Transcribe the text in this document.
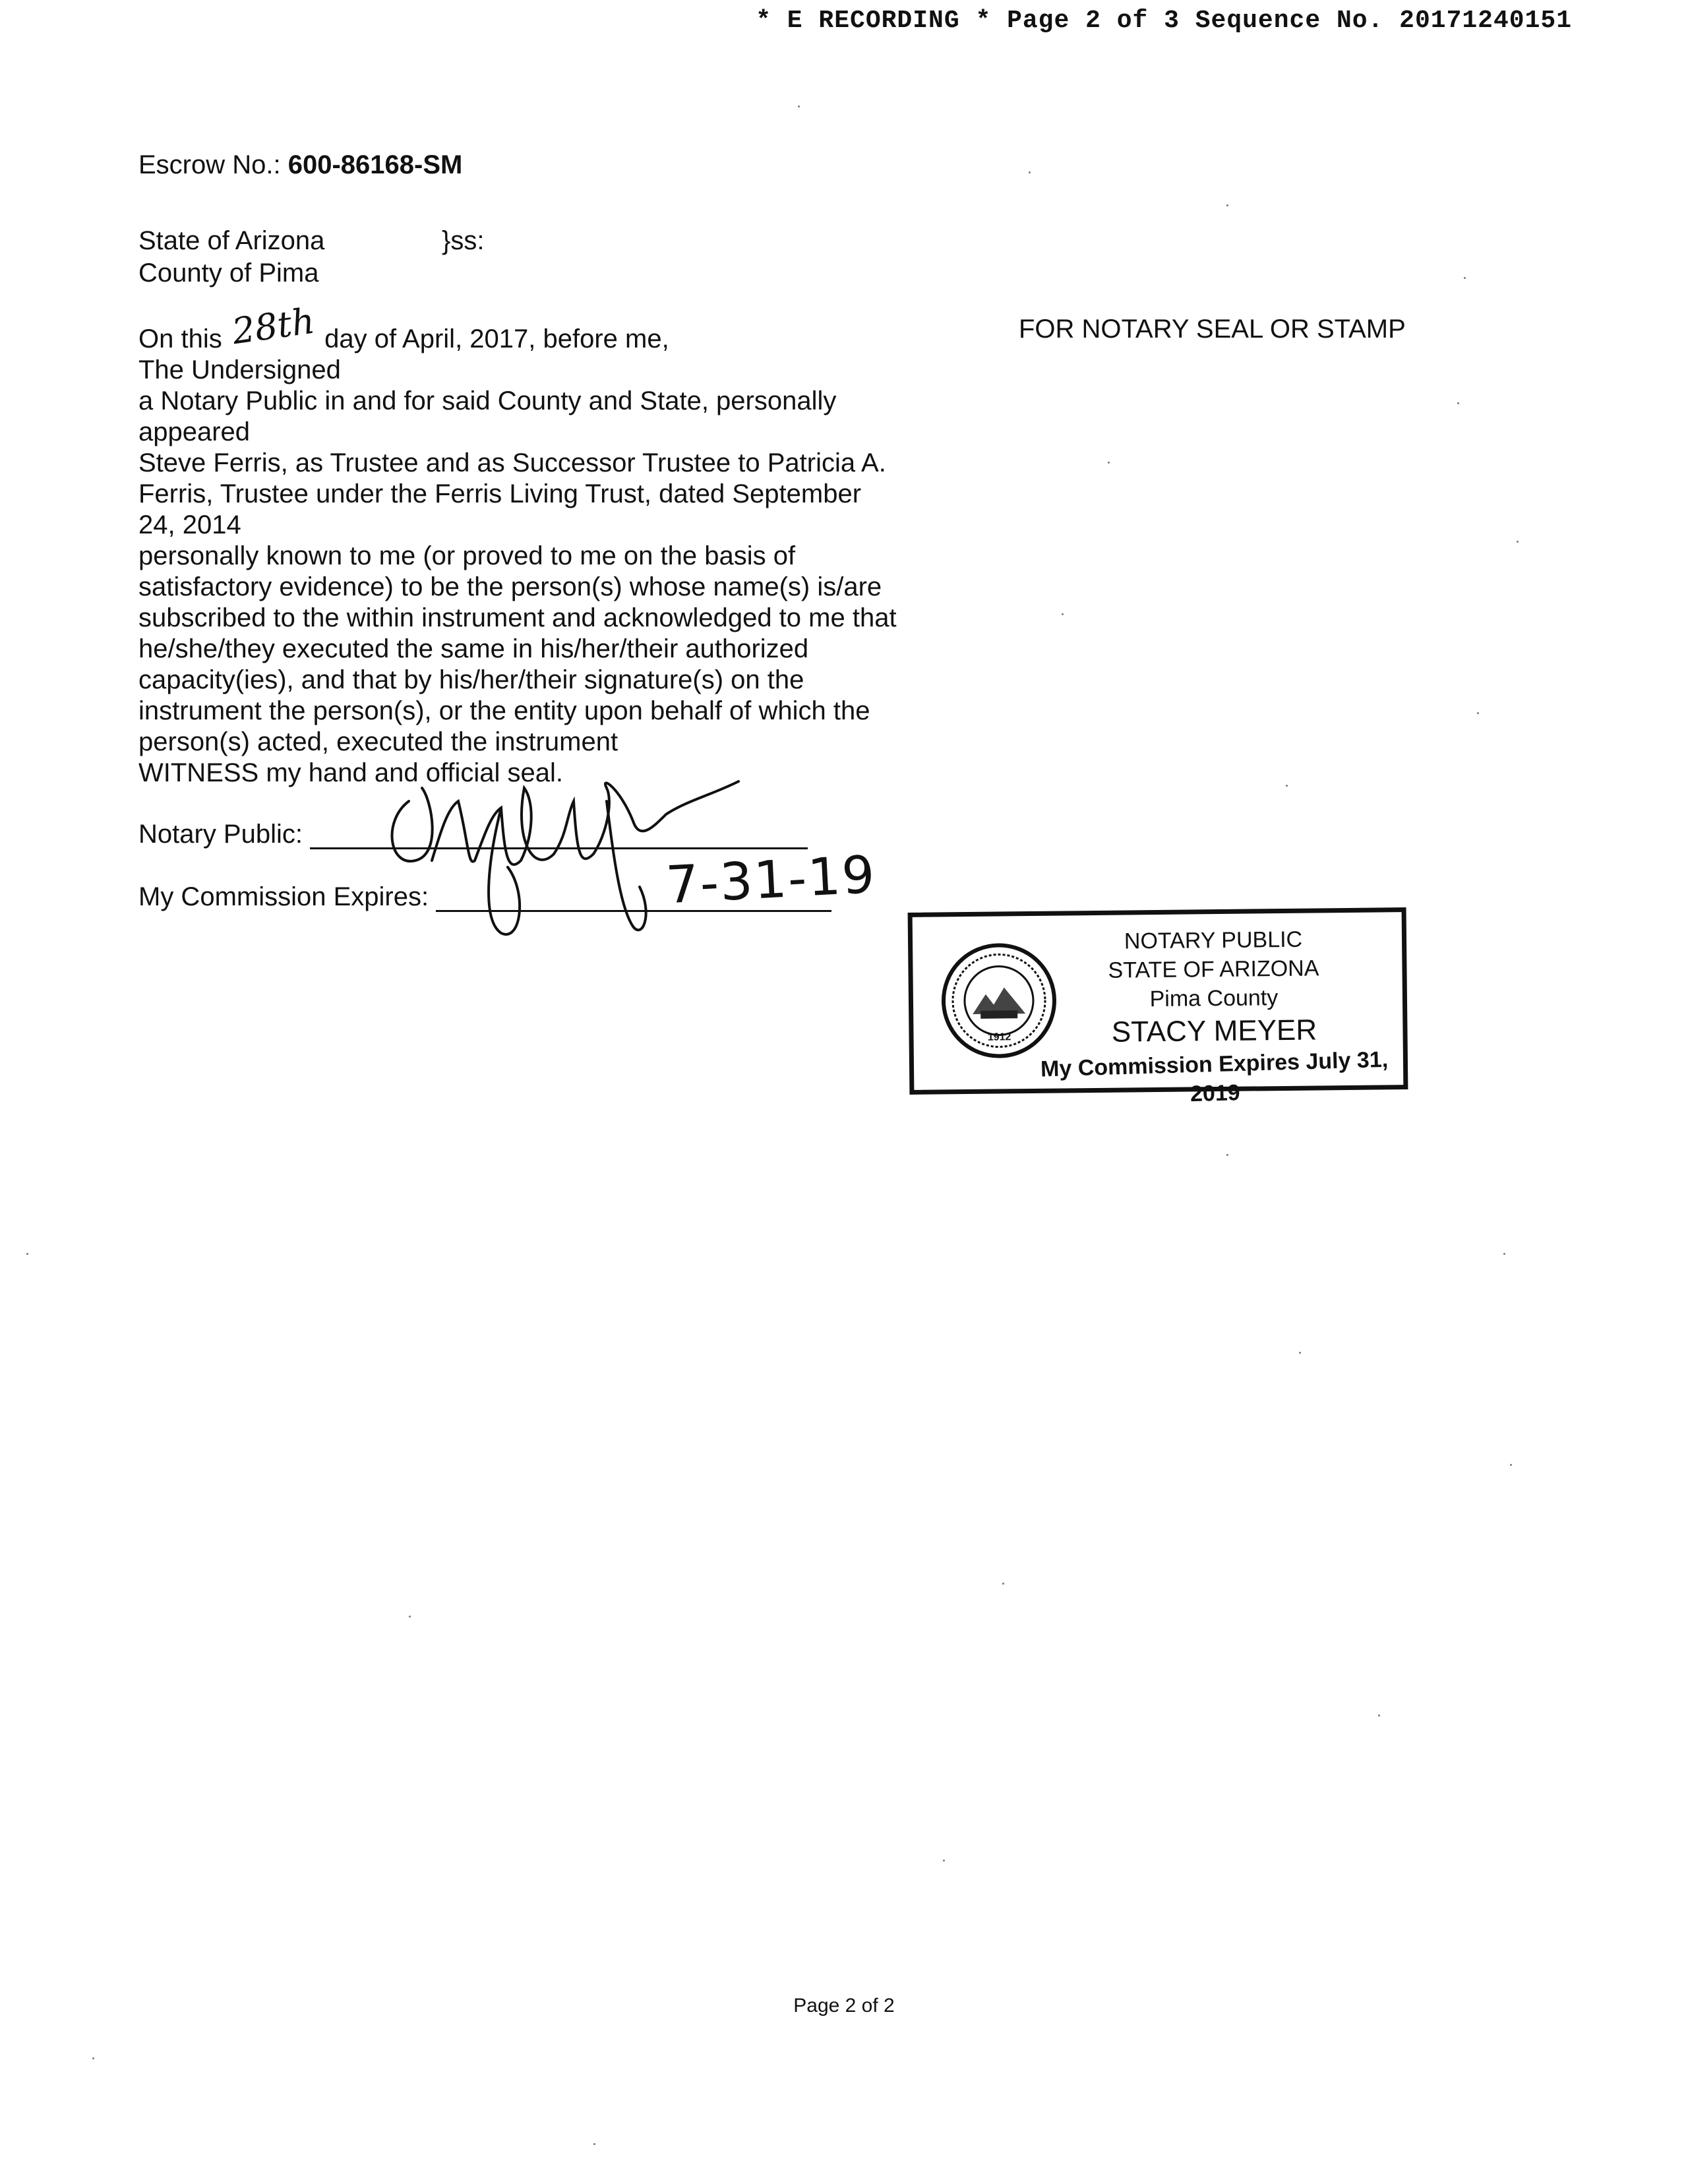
* E RECORDING * Page 2 of 3 Sequence No. 20171240151
Escrow No.: 600-86168-SM
State of Arizona	}ss:
County of Pima

On this 28th day of April, 2017, before me,

The Undersigned

a Notary Public in and for said County and State, personally

appeared

Steve Ferris, as Trustee and as Successor Trustee to Patricia A.

Ferris, Trustee under the Ferris Living Trust, dated September

24, 2014

personally known to me (or proved to me on the basis of

satisfactory evidence) to be the person(s) whose name(s) is/are

subscribed to the within instrument and acknowledged to me that

he/she/they executed the same in his/her/their authorized

capacity(ies), and that by his/her/their signature(s) on the

instrument the person(s), or the entity upon behalf of which the

person(s) acted, executed the instrument

WITNESS my hand and official seal.

FOR NOTARY SEAL OR STAMP
Notary Public:
My Commission Expires:	7-31-19
1912
NOTARY PUBLIC
STATE OF ARIZONA
Pima County
STACY MEYER
My Commission Expires July 31, 2019
Page 2 of 2
